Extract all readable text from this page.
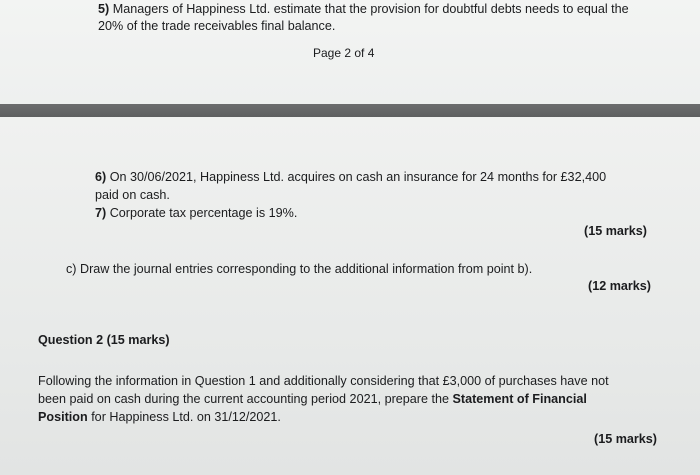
5) Managers of Happiness Ltd. estimate that the provision for doubtful debts needs to equal the
20% of the trade receivables final balance.
Page 2 of 4
6) On 30/06/2021, Happiness Ltd. acquires on cash an insurance for 24 months for £32,400
paid on cash.
7) Corporate tax percentage is 19%.
(15 marks)
c) Draw the journal entries corresponding to the additional information from point b).
(12 marks)
Question 2 (15 marks)
Following the information in Question 1 and additionally considering that £3,000 of purchases have not
been paid on cash during the current accounting period 2021, prepare the Statement of Financial
Position for Happiness Ltd. on 31/12/2021.
(15 marks)
